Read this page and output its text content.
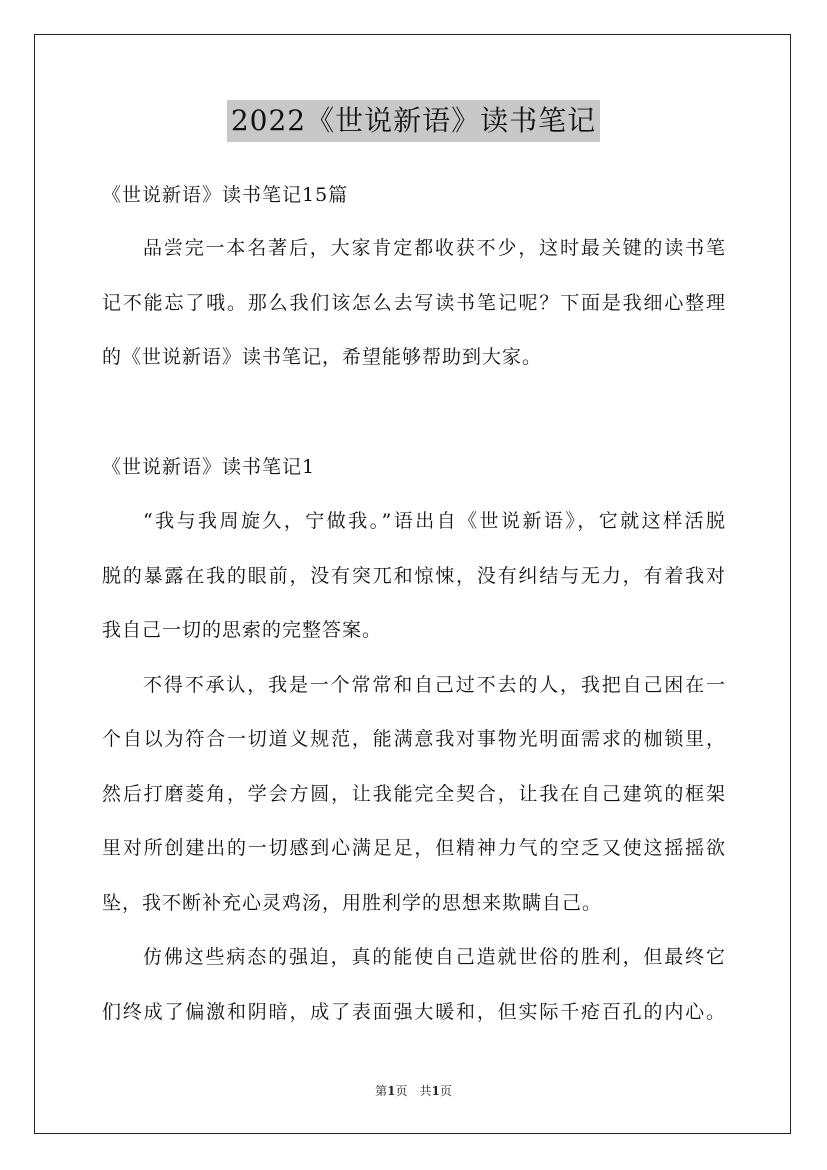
2022《世说新语》读书笔记
《世说新语》读书笔记15篇
品尝完一本名著后，大家肯定都收获不少，这时最关键的读书笔
记不能忘了哦。那么我们该怎么去写读书笔记呢？下面是我细心整理
的《世说新语》读书笔记，希望能够帮助到大家。
《世说新语》读书笔记1
“我与我周旋久，宁做我。”语出自《世说新语》，它就这样活脱
脱的暴露在我的眼前，没有突兀和惊悚，没有纠结与无力，有着我对
我自己一切的思索的完整答案。
不得不承认，我是一个常常和自己过不去的人，我把自己困在一
个自以为符合一切道义规范，能满意我对事物光明面需求的枷锁里，
然后打磨菱角，学会方圆，让我能完全契合，让我在自己建筑的框架
里对所创建出的一切感到心满足足，但精神力气的空乏又使这摇摇欲
坠，我不断补充心灵鸡汤，用胜利学的思想来欺瞒自己。
仿佛这些病态的强迫，真的能使自己造就世俗的胜利，但最终它
们终成了偏激和阴暗，成了表面强大暖和，但实际千疮百孔的内心。
第1页　共1页
